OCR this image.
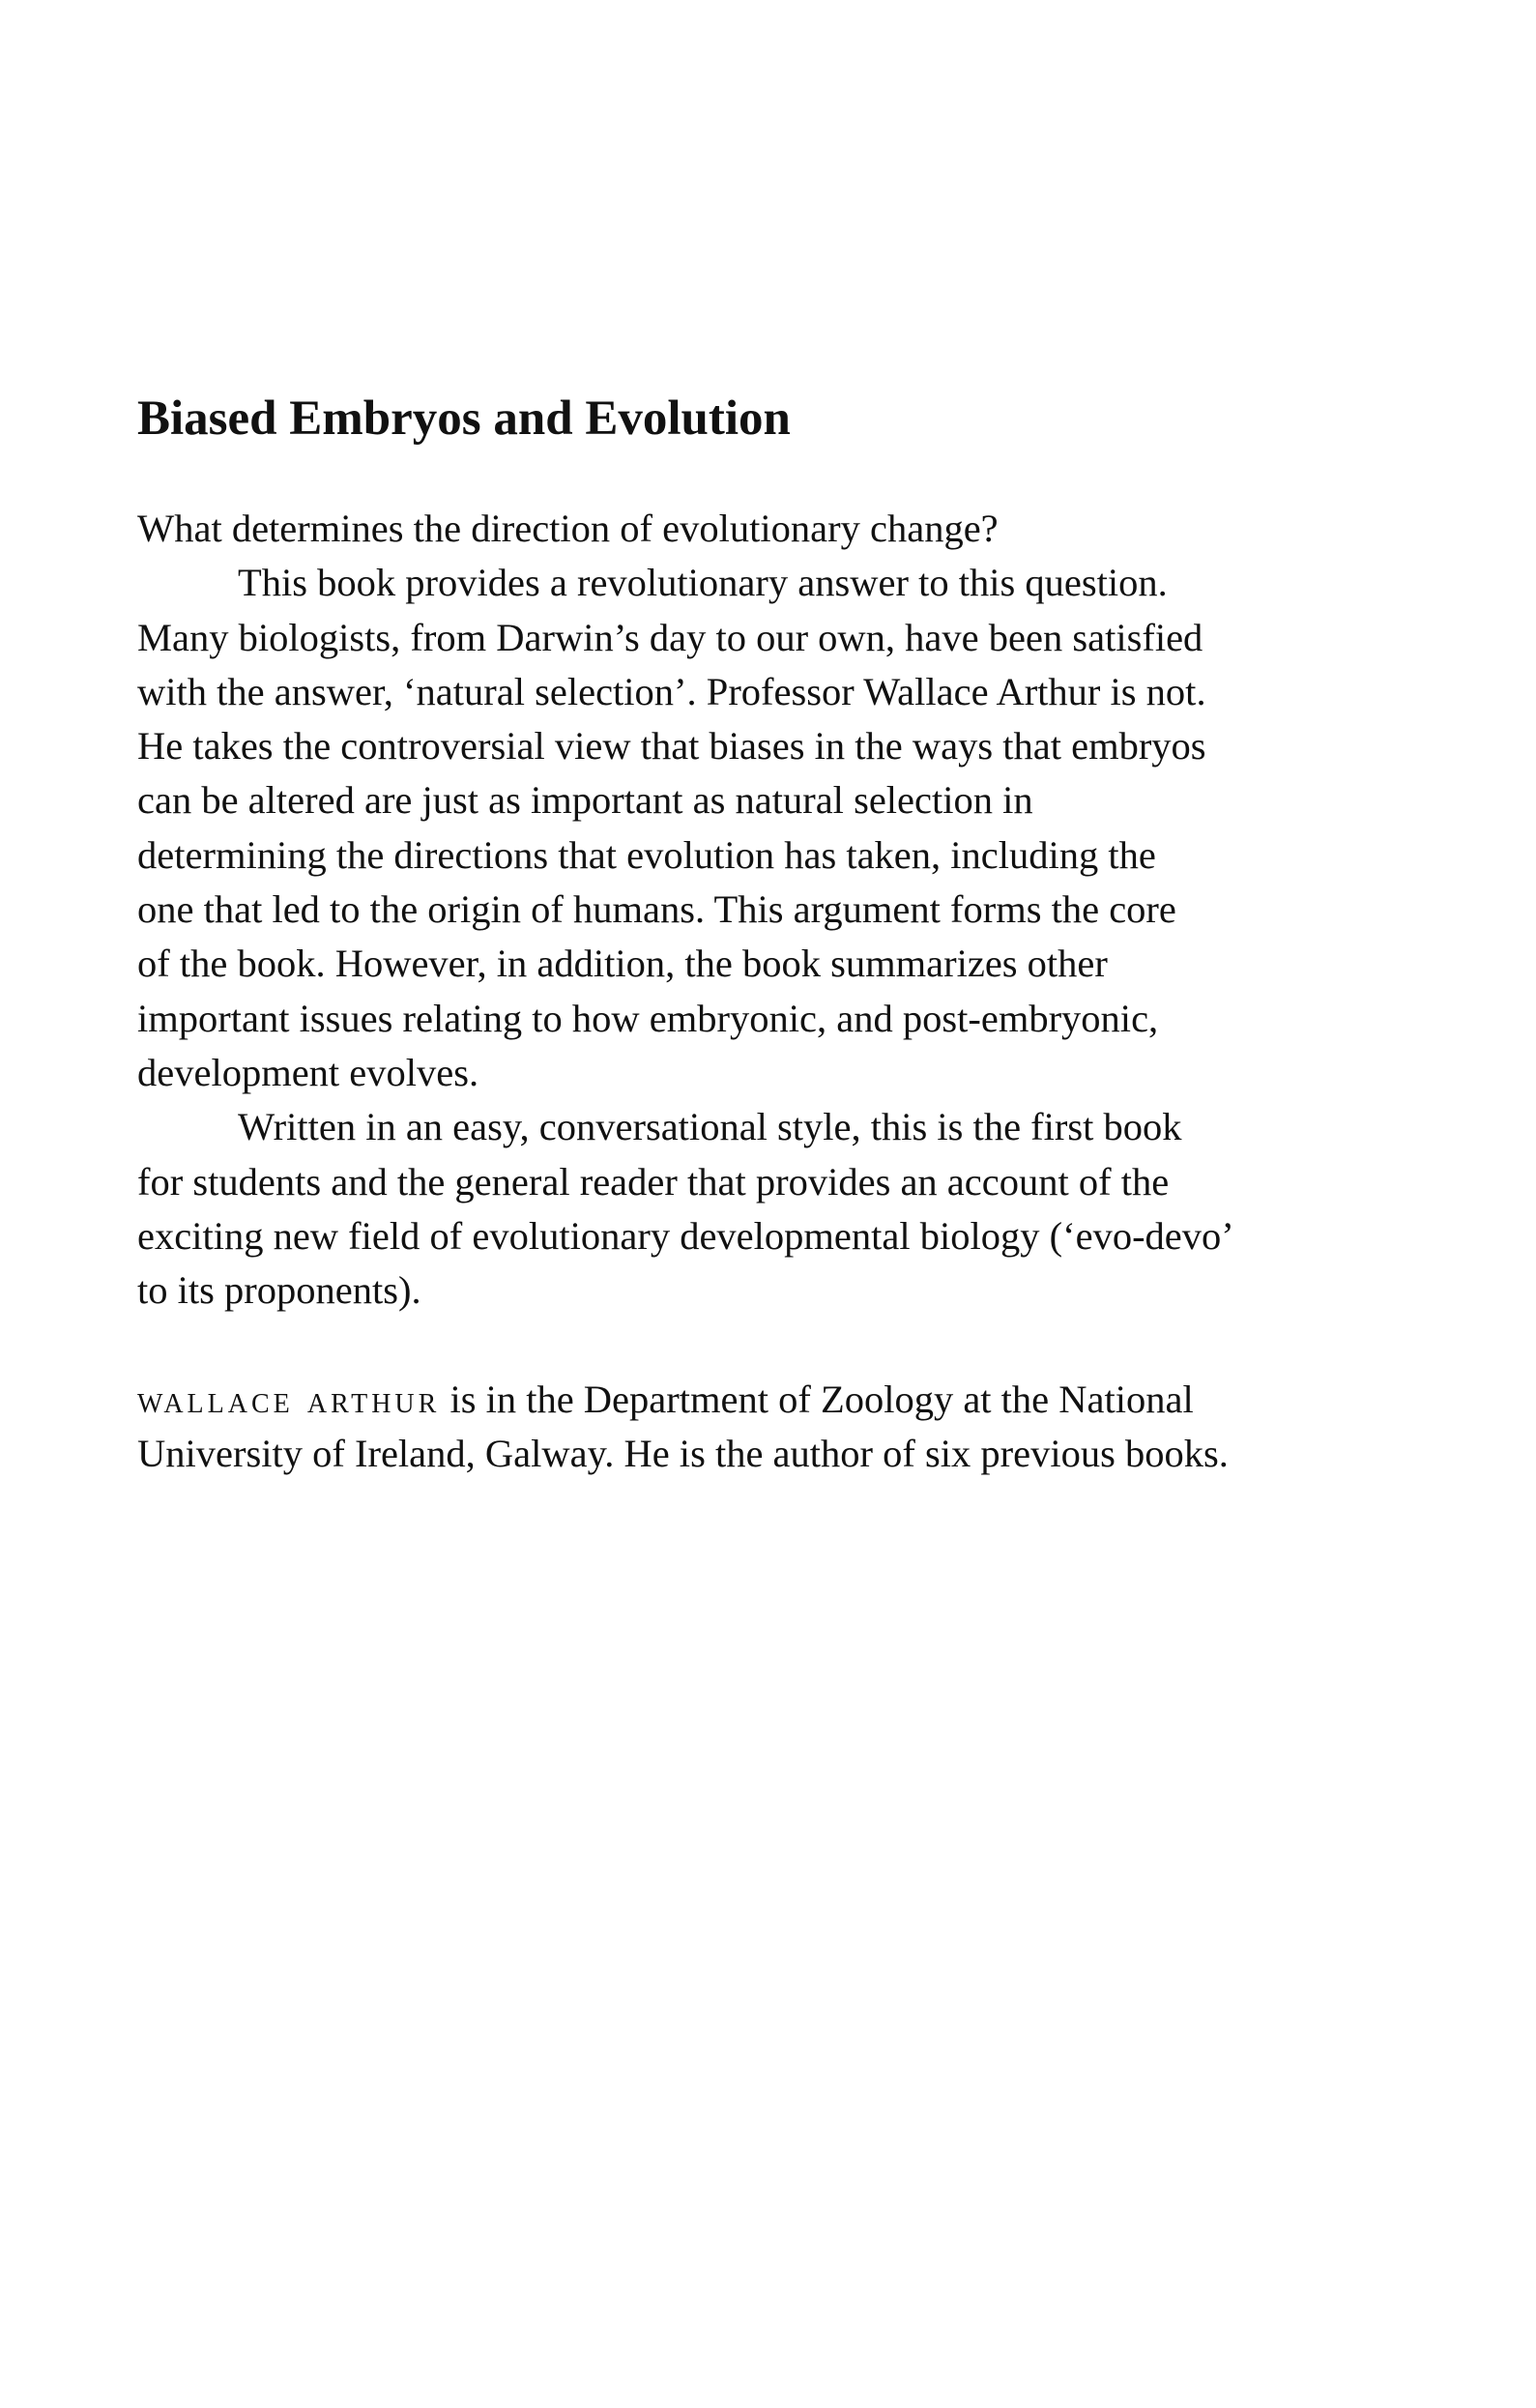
Biased Embryos and Evolution
What determines the direction of evolutionary change?
This book provides a revolutionary answer to this question.
Many biologists, from Darwin’s day to our own, have been satisfied
with the answer, ‘natural selection’. Professor Wallace Arthur is not.
He takes the controversial view that biases in the ways that embryos
can be altered are just as important as natural selection in
determining the directions that evolution has taken, including the
one that led to the origin of humans. This argument forms the core
of the book. However, in addition, the book summarizes other
important issues relating to how embryonic, and post-embryonic,
development evolves.
Written in an easy, conversational style, this is the first book
for students and the general reader that provides an account of the
exciting new field of evolutionary developmental biology (‘evo-devo’
to its proponents).
wallace arthur is in the Department of Zoology at the National
University of Ireland, Galway. He is the author of six previous books.
